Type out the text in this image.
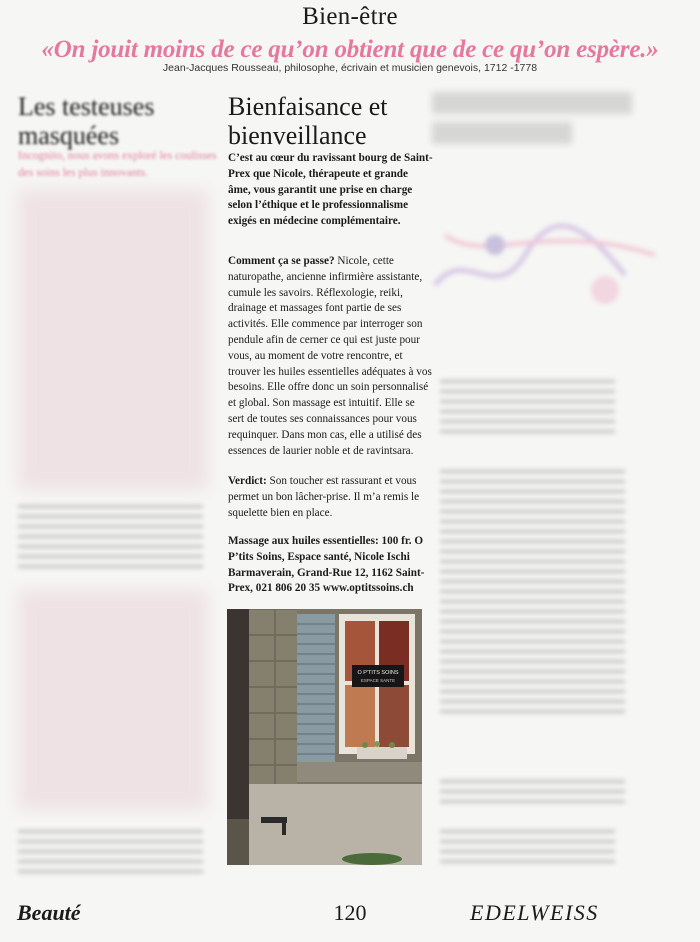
Bien-être
«On jouit moins de ce qu’on obtient que de ce qu’on espère.»
Jean-Jacques Rousseau, philosophe, écrivain et musicien genevois, 1712 -1778
Les testeuses masquées
Incognito, nous avons exploré les coulisses des soins les plus innovants.
Bienfaisance et bienveillance
C’est au cœur du ravissant bourg de Saint-Prex que Nicole, thérapeute et grande âme, vous garantit une prise en charge selon l’éthique et le professionnalisme exigés en médecine complémentaire.
Comment ça se passe? Nicole, cette naturopathe, ancienne infirmière assistante, cumule les savoirs. Réflexologie, reiki, drainage et massages font partie de ses activités. Elle commence par interroger son pendule afin de cerner ce qui est juste pour vous, au moment de votre rencontre, et trouver les huiles essentielles adéquates à vos besoins. Elle offre donc un soin personnalisé et global. Son massage est intuitif. Elle se sert de toutes ses connaissances pour vous requinquer. Dans mon cas, elle a utilisé des essences de laurier noble et de ravintsara.
Verdict: Son toucher est rassurant et vous permet un bon lâcher-prise. Il m’a remis le squelette bien en place.
Massage aux huiles essentielles: 100 fr. O P’tits Soins, Espace santé, Nicole Ischi Barmaverain, Grand-Rue 12, 1162 Saint-Prex, 021 806 20 35 www.optitssoins.ch
O P'TITS SOINS
ESPACE SANTE
Beauté	120	EDELWEISS
